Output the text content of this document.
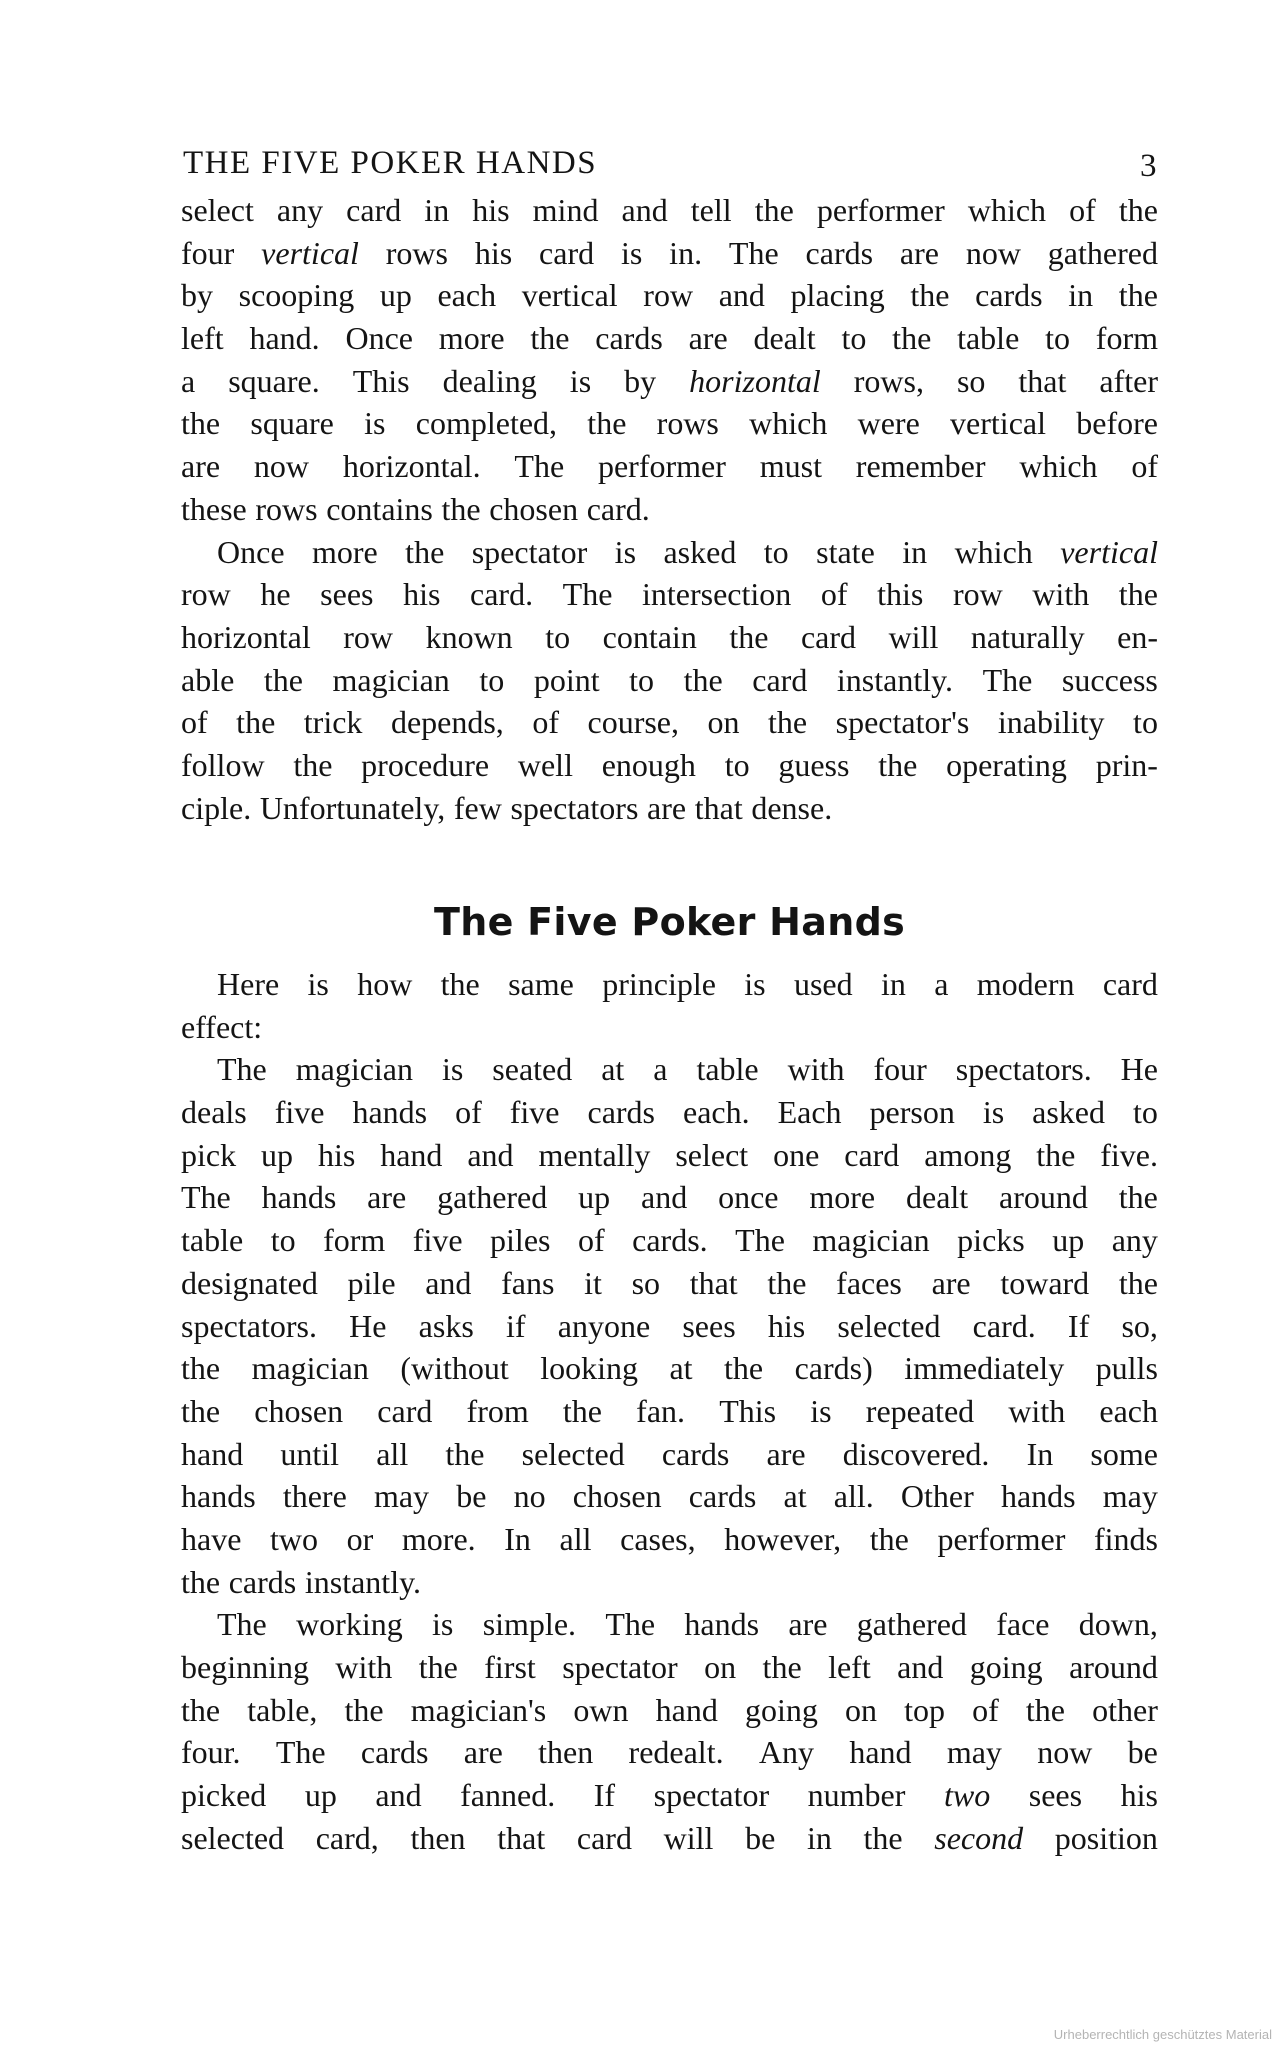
THE FIVE POKER HANDS	3
select any card in his mind and tell the performer which of the
four vertical rows his card is in. The cards are now gathered
by scooping up each vertical row and placing the cards in the
left hand. Once more the cards are dealt to the table to form
a square. This dealing is by horizontal rows, so that after
the square is completed, the rows which were vertical before
are now horizontal. The performer must remember which of
these rows contains the chosen card.
Once more the spectator is asked to state in which vertical
row he sees his card. The intersection of this row with the
horizontal row known to contain the card will naturally en-
able the magician to point to the card instantly. The success
of the trick depends, of course, on the spectator's inability to
follow the procedure well enough to guess the operating prin-
ciple. Unfortunately, few spectators are that dense.
The Five Poker Hands
Here is how the same principle is used in a modern card
effect:
The magician is seated at a table with four spectators. He
deals five hands of five cards each. Each person is asked to
pick up his hand and mentally select one card among the five.
The hands are gathered up and once more dealt around the
table to form five piles of cards. The magician picks up any
designated pile and fans it so that the faces are toward the
spectators. He asks if anyone sees his selected card. If so,
the magician (without looking at the cards) immediately pulls
the chosen card from the fan. This is repeated with each
hand until all the selected cards are discovered. In some
hands there may be no chosen cards at all. Other hands may
have two or more. In all cases, however, the performer finds
the cards instantly.
The working is simple. The hands are gathered face down,
beginning with the first spectator on the left and going around
the table, the magician's own hand going on top of the other
four. The cards are then redealt. Any hand may now be
picked up and fanned. If spectator number two sees his
selected card, then that card will be in the second position
Urheberrechtlich geschütztes Material
